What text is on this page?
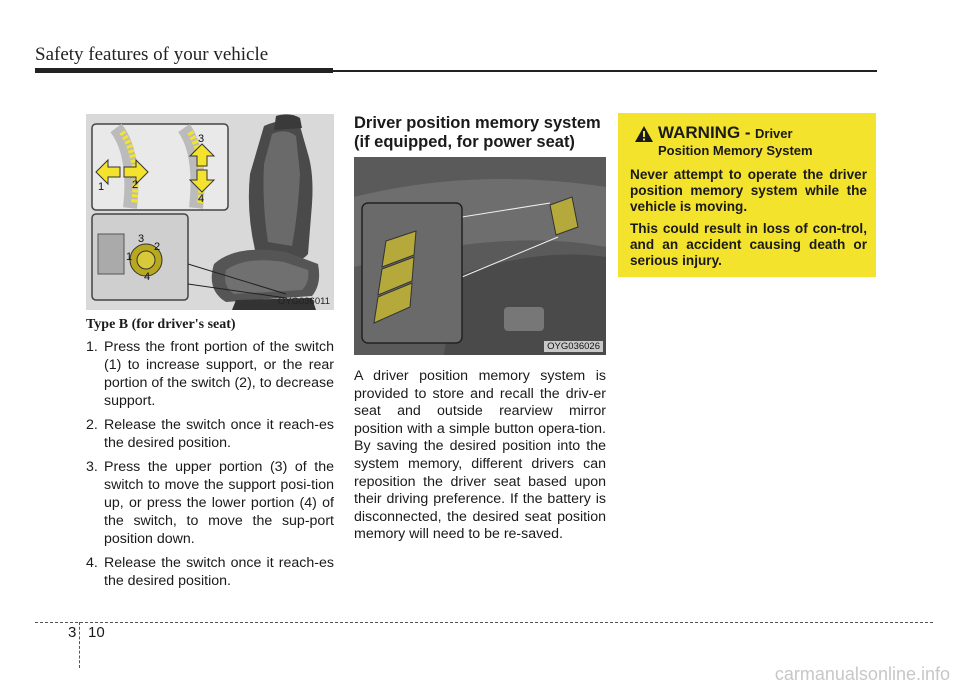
Safety features of your vehicle
1	2
3
4
3
2
1
4
OYG036011
Type B (for driver's seat)
1. Press the front portion of the switch (1) to increase support, or the rear portion of the switch (2), to decrease support.
2. Release the switch once it reach-es the desired position.
3. Press the upper portion (3) of the switch to move the support posi-tion up, or press the lower portion (4) of the switch, to move the sup-port position down.
4. Release the switch once it reach-es the desired position.
Driver position memory system
(if equipped, for power seat)
OYG036026
A driver position memory system is provided to store and recall the driv-er seat and outside rearview mirror position with a simple button opera-tion. By saving the desired position into the system memory, different drivers can reposition the driver seat based upon their driving preference. If the battery is disconnected, the desired seat position memory will need to be re-saved.
WARNING - Driver
Position Memory System

Never attempt to operate the driver position memory system while the vehicle is moving.

This could result in loss of con-trol, and an accident causing death or serious injury.

3 10
carmanualsonline.info
